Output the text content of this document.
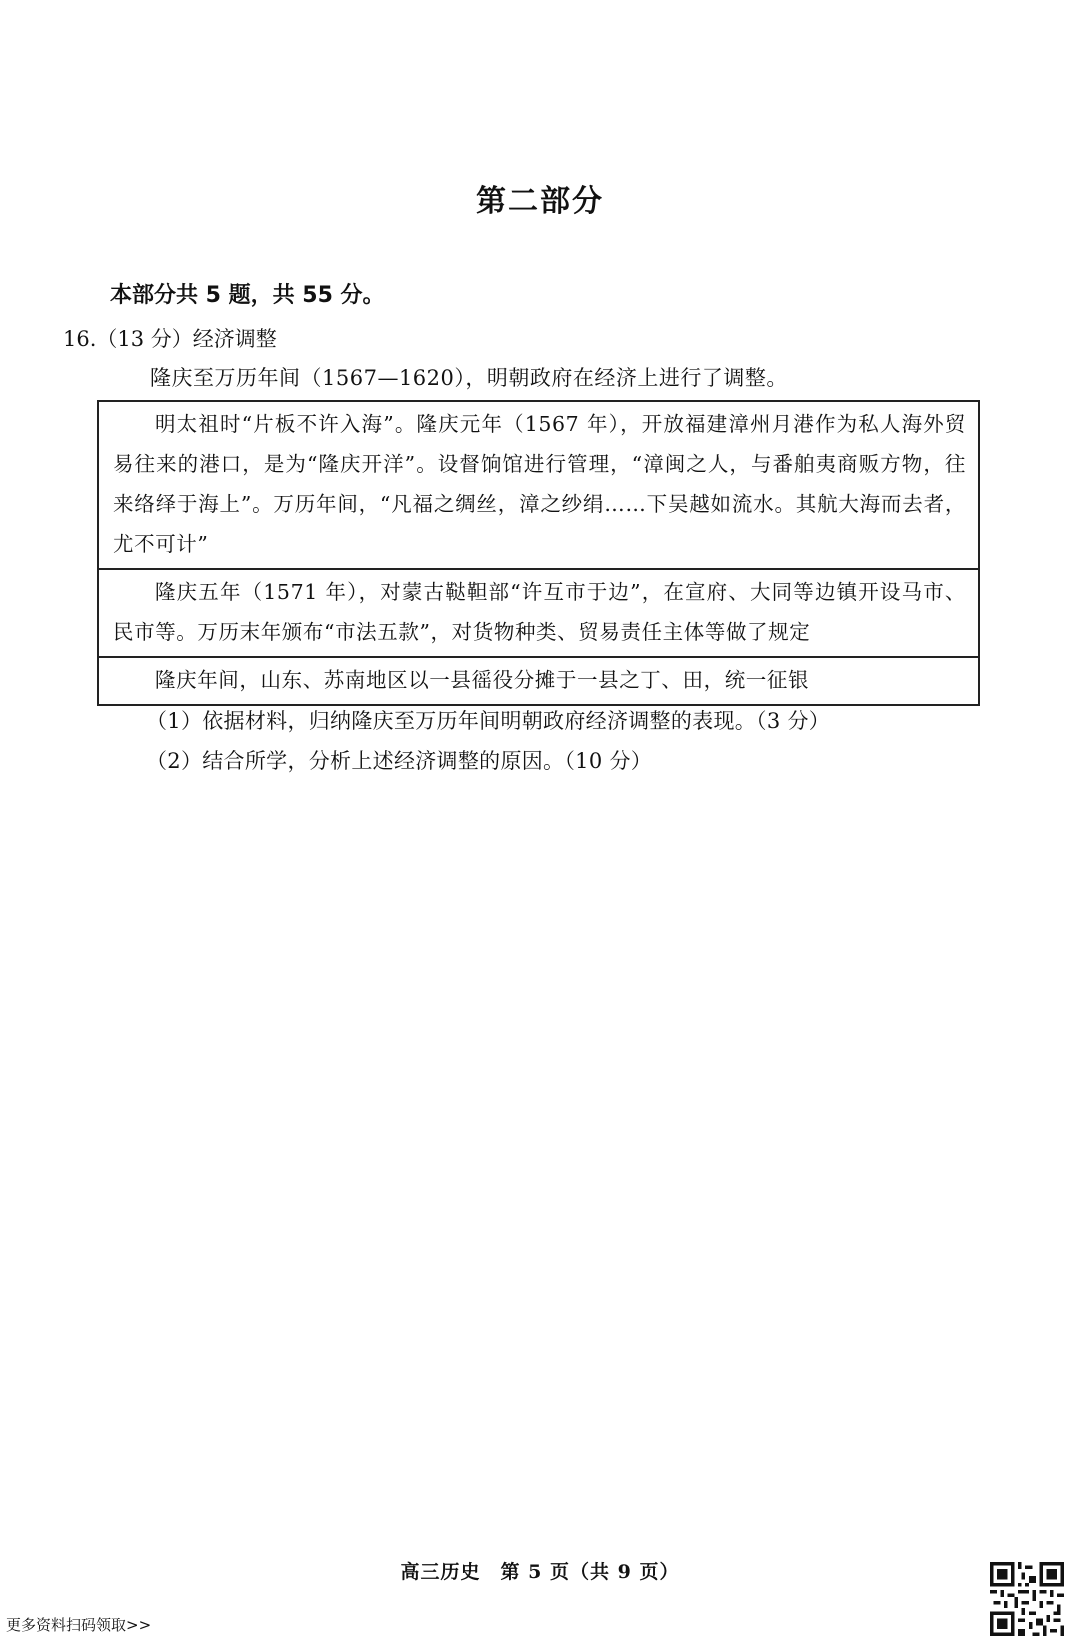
第二部分
本部分共 5 题，共 55 分。
16.（13 分）经济调整
隆庆至万历年间（1567—1620），明朝政府在经济上进行了调整。
明太祖时“片板不许入海”。隆庆元年（1567 年），开放福建漳州月港作为私人海外贸易往来的港口，是为“隆庆开洋”。设督饷馆进行管理，“漳闽之人，与番舶夷商贩方物，往来络绎于海上”。万历年间，“凡福之绸丝，漳之纱绢……下吴越如流水。其航大海而去者，尤不可计”
隆庆五年（1571 年），对蒙古鞑靼部“许互市于边”，在宣府、大同等边镇开设马市、民市等。万历末年颁布“市法五款”，对货物种类、贸易责任主体等做了规定
隆庆年间，山东、苏南地区以一县徭役分摊于一县之丁、田，统一征银
（1）依据材料，归纳隆庆至万历年间明朝政府经济调整的表现。（3 分）
（2）结合所学，分析上述经济调整的原因。（10 分）
高三历史　第 5 页（共 9 页）
更多资料扫码领取>>
